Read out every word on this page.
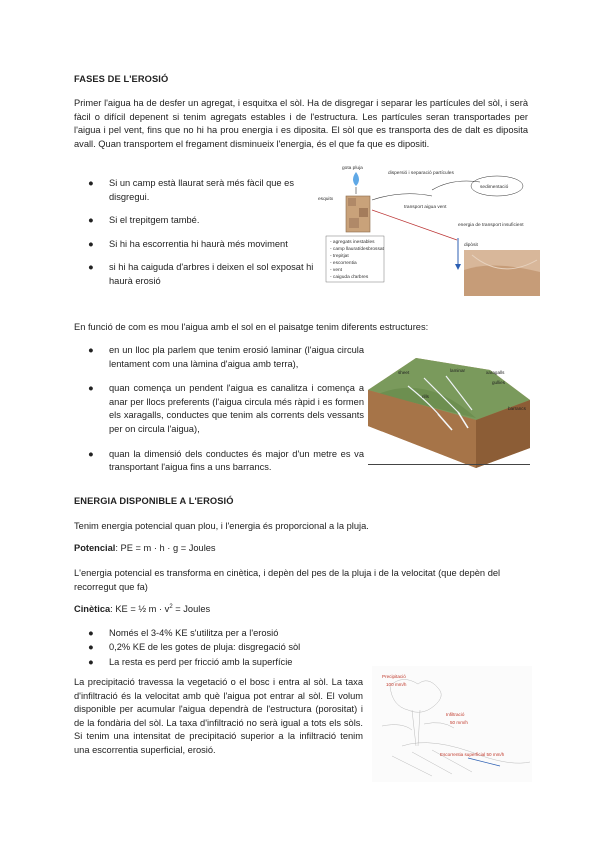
FASES DE L'EROSIÓ

Primer l'aigua ha de desfer un agregat, i esquitxa el sòl. Ha de disgregar i separar les partícules del sòl, i serà fàcil o difícil depenent si tenim agregats estables i de l'estructura. Les partícules seran transportades per l'aigua i pel vent, fins que no hi ha prou energia i es diposita. El sòl que es transporta des de dalt es diposita avall. Quan transportem el fregament disminueix l'energia, és el que fa que es dipositi.

● Si un camp està llaurat serà més fàcil que es disgregui.
● Si el trepitgem també.
● Si hi ha escorrentia hi haurà més moviment
● si hi ha caiguda d'arbres i deixen el sol exposat hi haurà erosió
gota pluja
esquitx
dispersió i separació partícules
transport aigua vent
sedimentació
energia de transport insuficient
dipòsit
- agregats inestables
- camp llaurat/desbrossat
- trepitjat
- escorrentia
- vent
- caiguda d'arbres

En funció de com es mou l'aigua amb el sol en el paisatge tenim diferents estructures:

● en un lloc pla parlem que tenim erosió laminar (l'aigua circula lentament com una làmina d'aigua amb terra),
● quan comença un pendent l'aigua es canalitza i comença a anar per llocs preferents (l'aigua circula més ràpid i es formen els xaragalls, conductes que tenim als corrents dels vessants per on circula l'aigua),
● quan la dimensió dels conductes és major d'un metre es va transportant l'aigua fins a uns barrancs.
sheet	laminar
rills
gullies
xaragalls
barrancs
ENERGIA DISPONIBLE A L'EROSIÓ

Tenim energia potencial quan plou, i l'energia és proporcional a la pluja.

Potencial: PE = m · h · g = Joules

L'energia potencial es transforma en cinètica, i depèn del pes de la pluja i de la velocitat (que depèn del recorregut que fa)

Cinètica: KE = ½ $m \cdot v^2$ = Joules

● Només el 3-4% KE s'utilitza per a l'erosió
● 0,2% KE de les gotes de pluja: disgregació sòl
● La resta es perd per fricció amb la superfície

La precipitació travessa la vegetació o el bosc i entra al sòl. La taxa d'infiltració és la velocitat amb què l'aigua pot entrar al sòl. El volum disponible per acumular l'aigua dependrà de l'estructura (porositat) i de la fondària del sòl. La taxa d'infiltració no serà igual a tots els sòls. Si tenim una intensitat de precipitació superior a la infiltració tenim una escorrentia superficial, erosió.

Precipitació
100 mm/h
Infiltració
50 mm/h
Escorrentia superficial 50 mm/h
